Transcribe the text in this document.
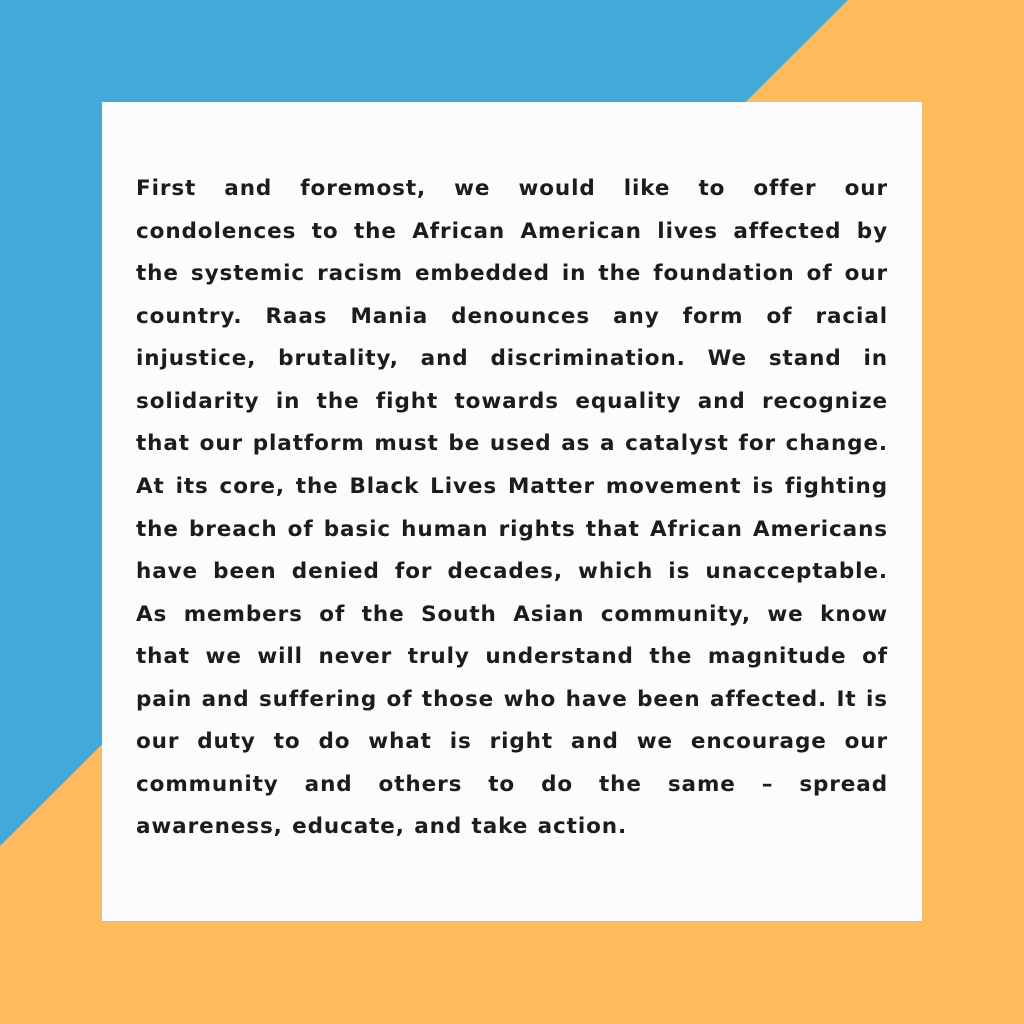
First and foremost, we would like to offer our condolences to the African American lives affected by the systemic racism embedded in the foundation of our country. Raas Mania denounces any form of racial injustice, brutality, and discrimination. We stand in solidarity in the fight towards equality and recognize that our platform must be used as a catalyst for change. At its core, the Black Lives Matter movement is fighting the breach of basic human rights that African Americans have been denied for decades, which is unacceptable. As members of the South Asian community, we know that we will never truly understand the magnitude of pain and suffering of those who have been affected. It is our duty to do what is right and we encourage our community and others to do the same – spread awareness, educate, and take action.
